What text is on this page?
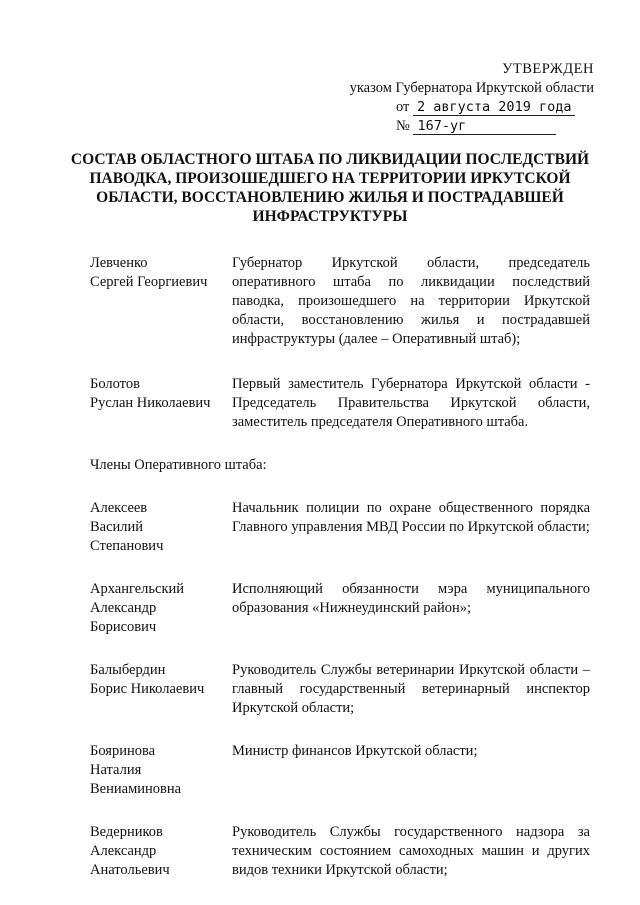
УТВЕРЖДЕН
указом Губернатора Иркутской области
от 2 августа 2019 года
№ 167-уг
СОСТАВ ОБЛАСТНОГО ШТАБА ПО ЛИКВИДАЦИИ ПОСЛЕДСТВИЙ ПАВОДКА, ПРОИЗОШЕДШЕГО НА ТЕРРИТОРИИ ИРКУТСКОЙ ОБЛАСТИ, ВОССТАНОВЛЕНИЮ ЖИЛЬЯ И ПОСТРАДАВШЕЙ ИНФРАСТРУКТУРЫ
Левченко
Сергей Георгиевич
Губернатор Иркутской области, председатель оперативного штаба по ликвидации последствий паводка, произошедшего на территории Иркутской области, восстановлению жилья и пострадавшей инфраструктуры (далее – Оперативный штаб);
Болотов
Руслан Николаевич
Первый заместитель Губернатора Иркутской области - Председатель Правительства Иркутской области, заместитель председателя Оперативного штаба.
Члены Оперативного штаба:
Алексеев
Василий
Степанович
Начальник полиции по охране общественного порядка Главного управления МВД России по Иркутской области;
Архангельский
Александр
Борисович
Исполняющий обязанности мэра муниципального образования «Нижнеудинский район»;
Балыбердин
Борис Николаевич
Руководитель Службы ветеринарии Иркутской области – главный государственный ветеринарный инспектор Иркутской области;
Бояринова
Наталия
Вениаминовна
Министр финансов Иркутской области;
Ведерников
Александр
Анатольевич
Руководитель Службы государственного надзора за техническим состоянием самоходных машин и других видов техники Иркутской области;
